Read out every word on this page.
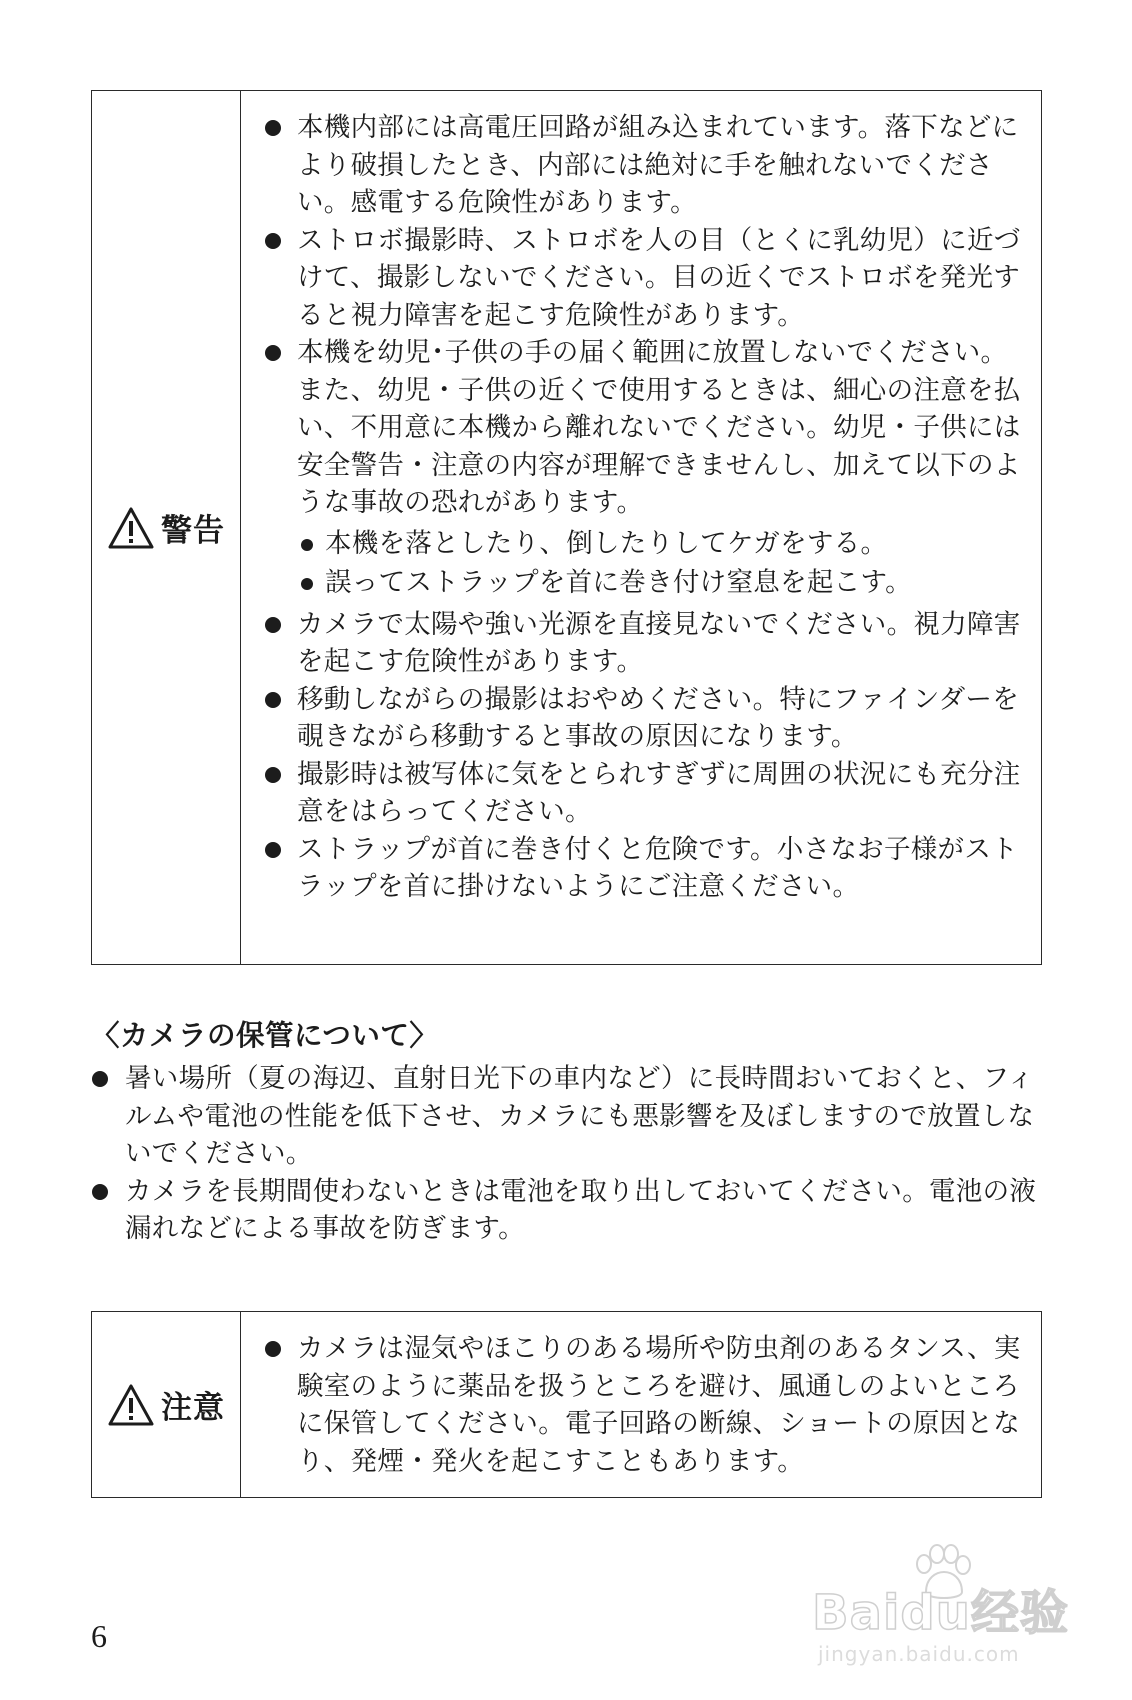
警告
本機内部には高電圧回路が組み込まれています。落下などにより破損したとき、内部には絶対に手を触れないでください。感電する危険性があります。
ストロボ撮影時、ストロボを人の目（とくに乳幼児）に近づけて、撮影しないでください。目の近くでストロボを発光すると視力障害を起こす危険性があります。
本機を幼児･子供の手の届く範囲に放置しないでください。また、幼児・子供の近くで使用するときは、細心の注意を払い、不用意に本機から離れないでください。幼児・子供には安全警告・注意の内容が理解できませんし、加えて以下のような事故の恐れがあります。
本機を落としたり、倒したりしてケガをする。
誤ってストラップを首に巻き付け窒息を起こす。
カメラで太陽や強い光源を直接見ないでください。視力障害を起こす危険性があります。
移動しながらの撮影はおやめください。特にファインダーを覗きながら移動すると事故の原因になります。
撮影時は被写体に気をとられすぎずに周囲の状況にも充分注意をはらってください。
ストラップが首に巻き付くと危険です。小さなお子様がストラップを首に掛けないようにご注意ください。
〈カメラの保管について〉
暑い場所（夏の海辺、直射日光下の車内など）に長時間おいておくと、フィルムや電池の性能を低下させ、カメラにも悪影響を及ぼしますので放置しないでください。
カメラを長期間使わないときは電池を取り出しておいてください。電池の液漏れなどによる事故を防ぎます。
注意
カメラは湿気やほこりのある場所や防虫剤のあるタンス、実験室のように薬品を扱うところを避け、風通しのよいところに保管してください。電子回路の断線、ショートの原因となり、発煙・発火を起こすこともあります。
6	Baidu经验
jingyan.baidu.com
